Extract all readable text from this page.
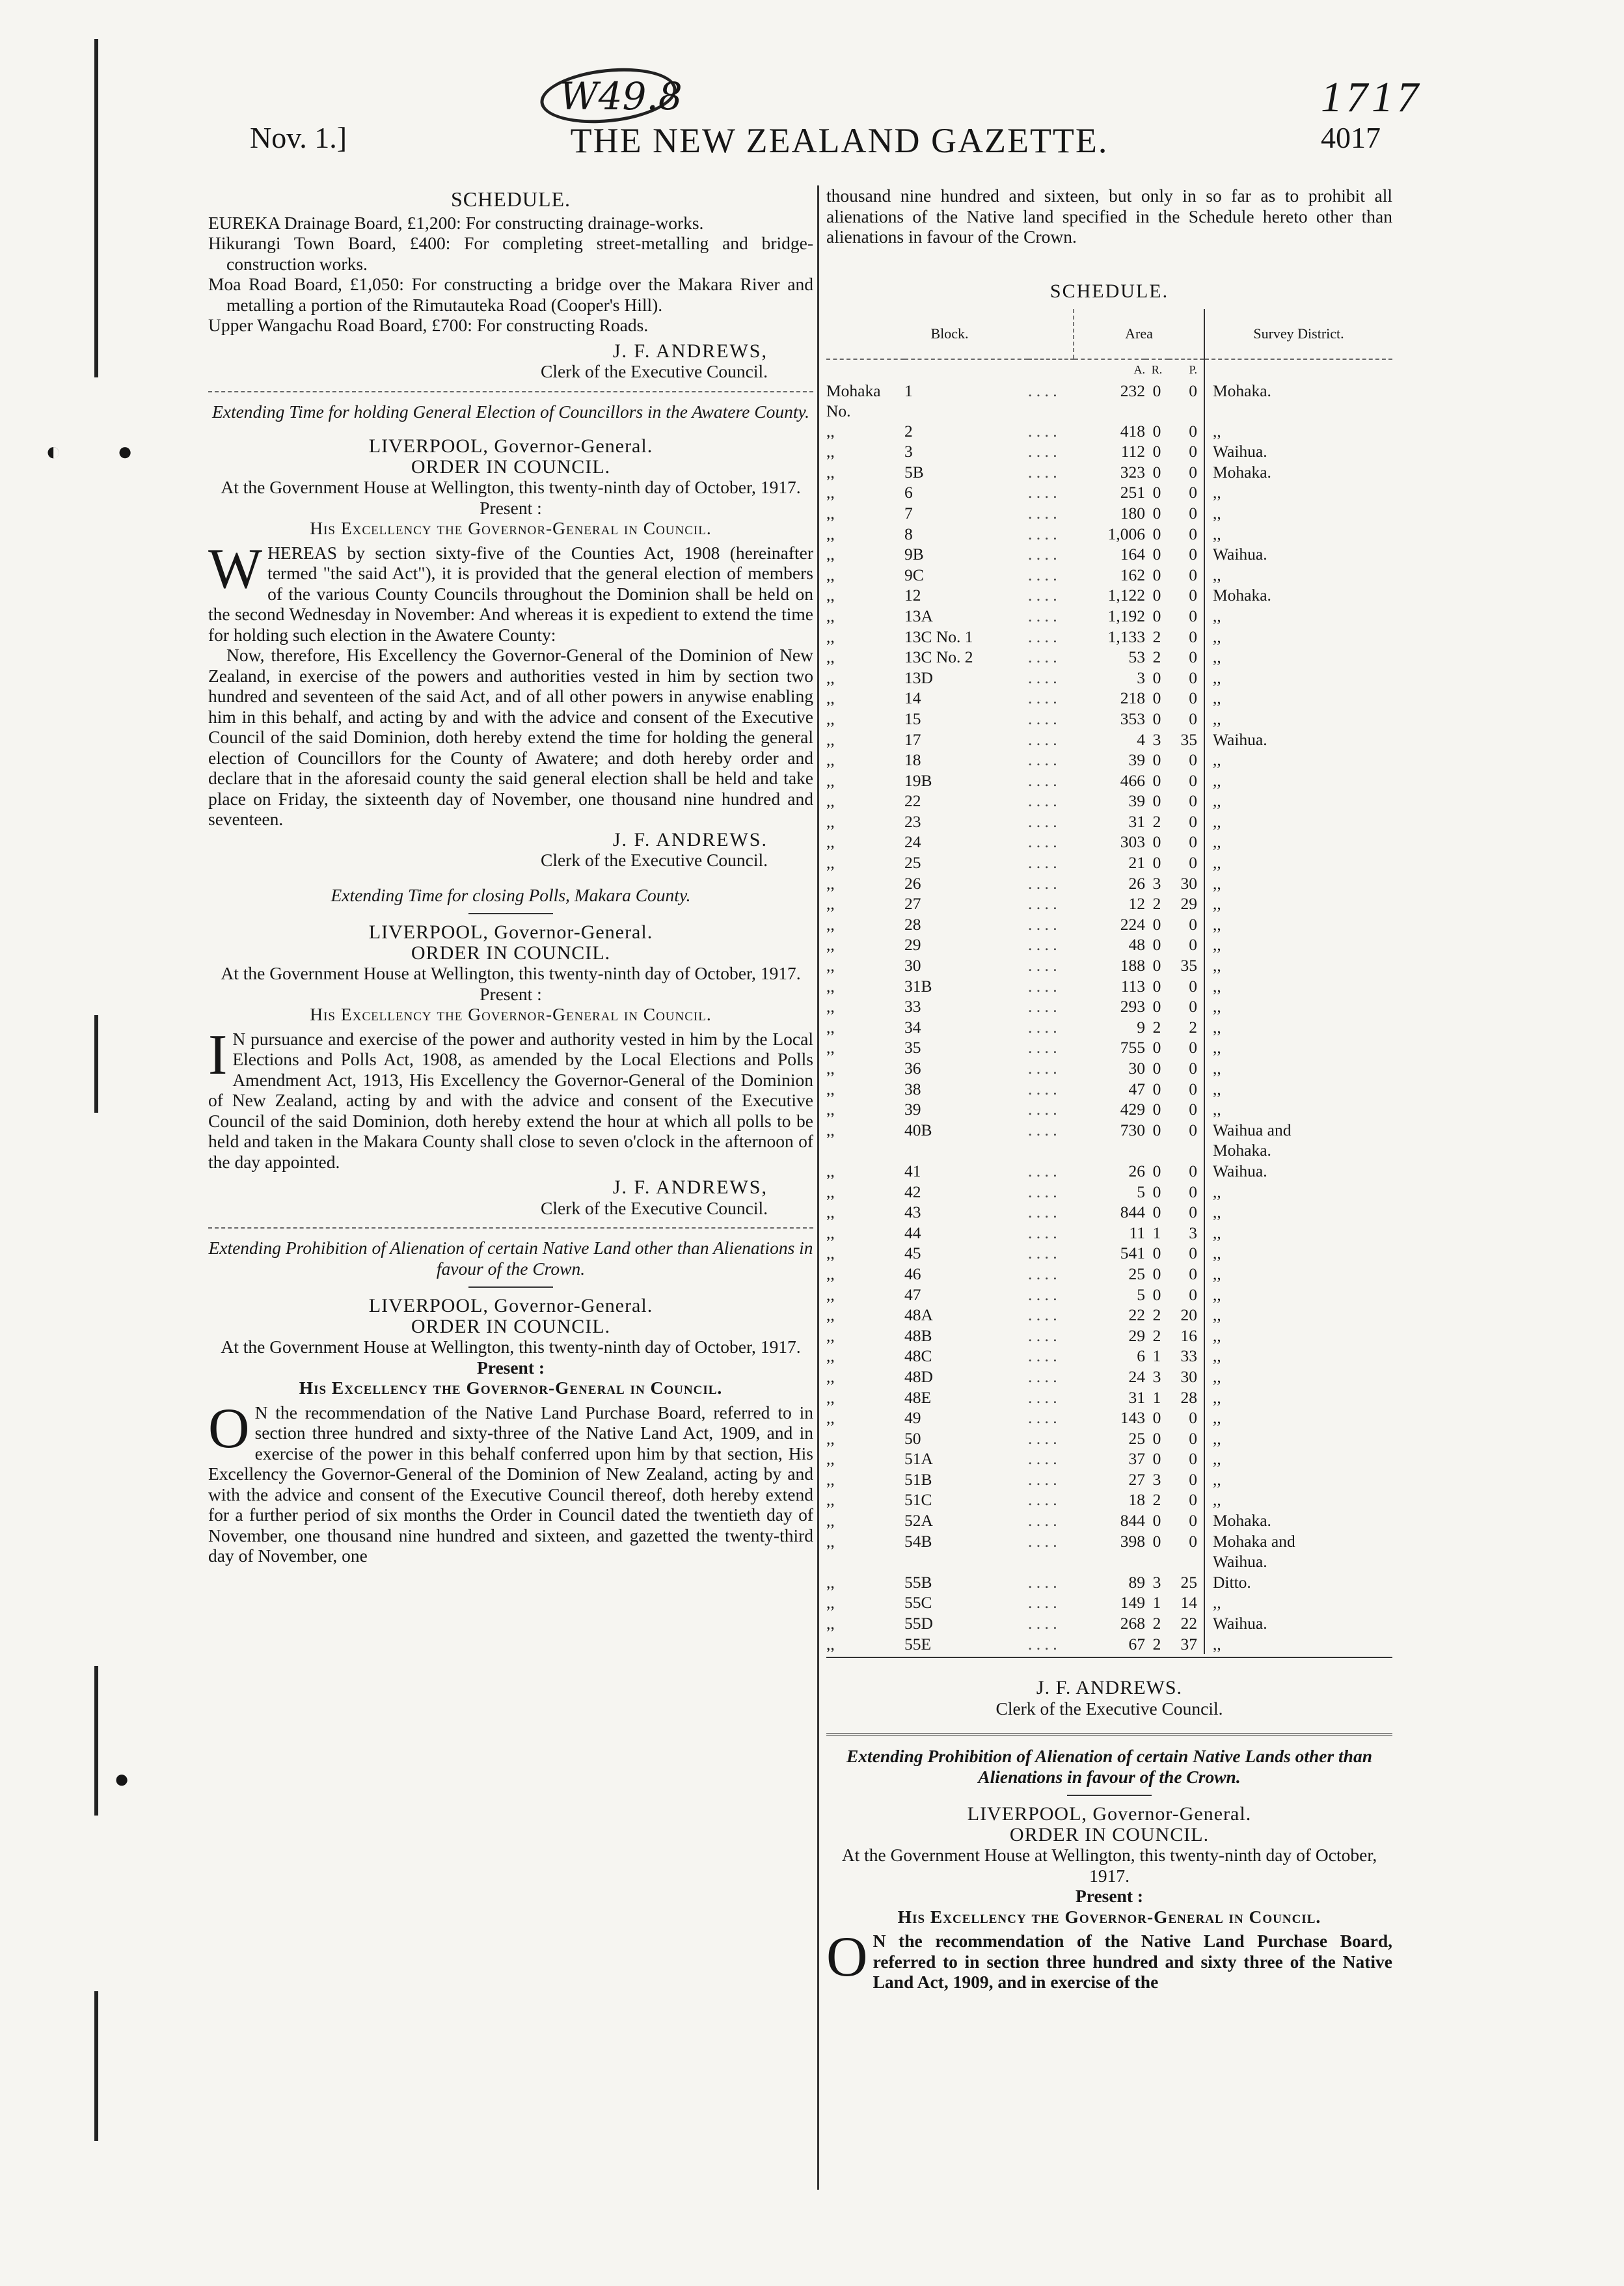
W49.8	1717
Nov. 1.]	THE NEW ZEALAND GAZETTE.	4017
◐ ●
●
SCHEDULE.

EUREKA Drainage Board, £1,200: For constructing drainage-works.

Hikurangi Town Board, £400: For completing street-metalling and bridge-construction works.

Moa Road Board, £1,050: For constructing a bridge over the Makara River and metalling a portion of the Rimutauteka Road (Cooper's Hill).

Upper Wangachu Road Board, £700: For constructing Roads.

J. F. ANDREWS,
Clerk of the Executive Council.
Extending Time for holding General Election of Councillors in the Awatere County.
LIVERPOOL, Governor-General.
ORDER IN COUNCIL.
At the Government House at Wellington, this twenty-ninth day of October, 1917.
Present :
His Excellency the Governor-General in Council.

WHEREAS by section sixty-five of the Counties Act, 1908 (hereinafter termed "the said Act"), it is provided that the general election of members of the various County Councils throughout the Dominion shall be held on the second Wednesday in November: And whereas it is expedient to extend the time for holding such election in the Awatere County:

Now, therefore, His Excellency the Governor-General of the Dominion of New Zealand, in exercise of the powers and authorities vested in him by section two hundred and seventeen of the said Act, and of all other powers in anywise enabling him in this behalf, and acting by and with the advice and consent of the Executive Council of the said Dominion, doth hereby extend the time for holding the general election of Councillors for the County of Awatere; and doth hereby order and declare that in the aforesaid county the said general election shall be held and take place on Friday, the sixteenth day of November, one thousand nine hundred and seventeen.

J. F. ANDREWS.
Clerk of the Executive Council.
Extending Time for closing Polls, Makara County.
LIVERPOOL, Governor-General.
ORDER IN COUNCIL.
At the Government House at Wellington, this twenty-ninth day of October, 1917.
Present :
His Excellency the Governor-General in Council.

I N pursuance and exercise of the power and authority vested in him by the Local Elections and Polls Act, 1908, as amended by the Local Elections and Polls Amendment Act, 1913, His Excellency the Governor-General of the Dominion of New Zealand, acting by and with the advice and consent of the Executive Council of the said Dominion, doth hereby extend the hour at which all polls to be held and taken in the Makara County shall close to seven o'clock in the afternoon of the day appointed.

J. F. ANDREWS,
Clerk of the Executive Council.
Extending Prohibition of Alienation of certain Native Land other than Alienations in favour of the Crown.
LIVERPOOL, Governor-General.
ORDER IN COUNCIL.
At the Government House at Wellington, this twenty-ninth day of October, 1917.
Present :
His Excellency the Governor-General in Council.

O N the recommendation of the Native Land Purchase Board, referred to in section three hundred and sixty-three of the Native Land Act, 1909, and in exercise of the power in this behalf conferred upon him by that section, His Excellency the Governor-General of the Dominion of New Zealand, acting by and with the advice and consent of the Executive Council thereof, doth hereby extend for a further period of six months the Order in Council dated the twentieth day of November, one thousand nine hundred and sixteen, and gazetted the twenty-third day of November, one

thousand nine hundred and sixteen, but only in so far as to prohibit all alienations of the Native land specified in the Schedule hereto other than alienations in favour of the Crown.

SCHEDULE.
Block.			Area			Survey District.
			A.	R.	P.	
Mohaka No.	1	. . . .	232	0	0	Mohaka.
,,	2	. . . .	418	0	0	,,
,,	3	. . . .	112	0	0	Waihua.
,,	5B	. . . .	323	0	0	Mohaka.
,,	6	. . . .	251	0	0	,,
,,	7	. . . .	180	0	0	,,
,,	8	. . . .	1,006	0	0	,,
,,	9B	. . . .	164	0	0	Waihua.
,,	9C	. . . .	162	0	0	,,
,,	12	. . . .	1,122	0	0	Mohaka.
,,	13A	. . . .	1,192	0	0	,,
,,	13C No. 1	. . . .	1,133	2	0	,,
,,	13C No. 2	. . . .	53	2	0	,,
,,	13D	. . . .	3	0	0	,,
,,	14	. . . .	218	0	0	,,
,,	15	. . . .	353	0	0	,,
,,	17	. . . .	4	3	35	Waihua.
,,	18	. . . .	39	0	0	,,
,,	19B	. . . .	466	0	0	,,
,,	22	. . . .	39	0	0	,,
,,	23	. . . .	31	2	0	,,
,,	24	. . . .	303	0	0	,,
,,	25	. . . .	21	0	0	,,
,,	26	. . . .	26	3	30	,,
,,	27	. . . .	12	2	29	,,
,,	28	. . . .	224	0	0	,,
,,	29	. . . .	48	0	0	,,
,,	30	. . . .	188	0	35	,,
,,	31B	. . . .	113	0	0	,,
,,	33	. . . .	293	0	0	,,
,,	34	. . . .	9	2	2	,,
,,	35	. . . .	755	0	0	,,
,,	36	. . . .	30	0	0	,,
,,	38	. . . .	47	0	0	,,
,,	39	. . . .	429	0	0	,,
,,	40B	. . . .	730	0	0	Waihua and
						Mohaka.
,,	41	. . . .	26	0	0	Waihua.
,,	42	. . . .	5	0	0	,,
,,	43	. . . .	844	0	0	,,
,,	44	. . . .	11	1	3	,,
,,	45	. . . .	541	0	0	,,
,,	46	. . . .	25	0	0	,,
,,	47	. . . .	5	0	0	,,
,,	48A	. . . .	22	2	20	,,
,,	48B	. . . .	29	2	16	,,
,,	48C	. . . .	6	1	33	,,
,,	48D	. . . .	24	3	30	,,
,,	48E	. . . .	31	1	28	,,
,,	49	. . . .	143	0	0	,,
,,	50	. . . .	25	0	0	,,
,,	51A	. . . .	37	0	0	,,
,,	51B	. . . .	27	3	0	,,
,,	51C	. . . .	18	2	0	,,
,,	52A	. . . .	844	0	0	Mohaka.
,,	54B	. . . .	398	0	0	Mohaka and
						Waihua.
,,	55B	. . . .	89	3	25	Ditto.
,,	55C	. . . .	149	1	14	,,
,,	55D	. . . .	268	2	22	Waihua.
,,	55E	. . . .	67	2	37	,,
J. F. ANDREWS.
Clerk of the Executive Council.
Extending Prohibition of Alienation of certain Native Lands other than Alienations in favour of the Crown.
LIVERPOOL, Governor-General.
ORDER IN COUNCIL.
At the Government House at Wellington, this twenty-ninth day of October, 1917.
Present :
His Excellency the Governor-General in Council.

O N the recommendation of the Native Land Purchase Board, referred to in section three hundred and sixty three of the Native Land Act, 1909, and in exercise of the
